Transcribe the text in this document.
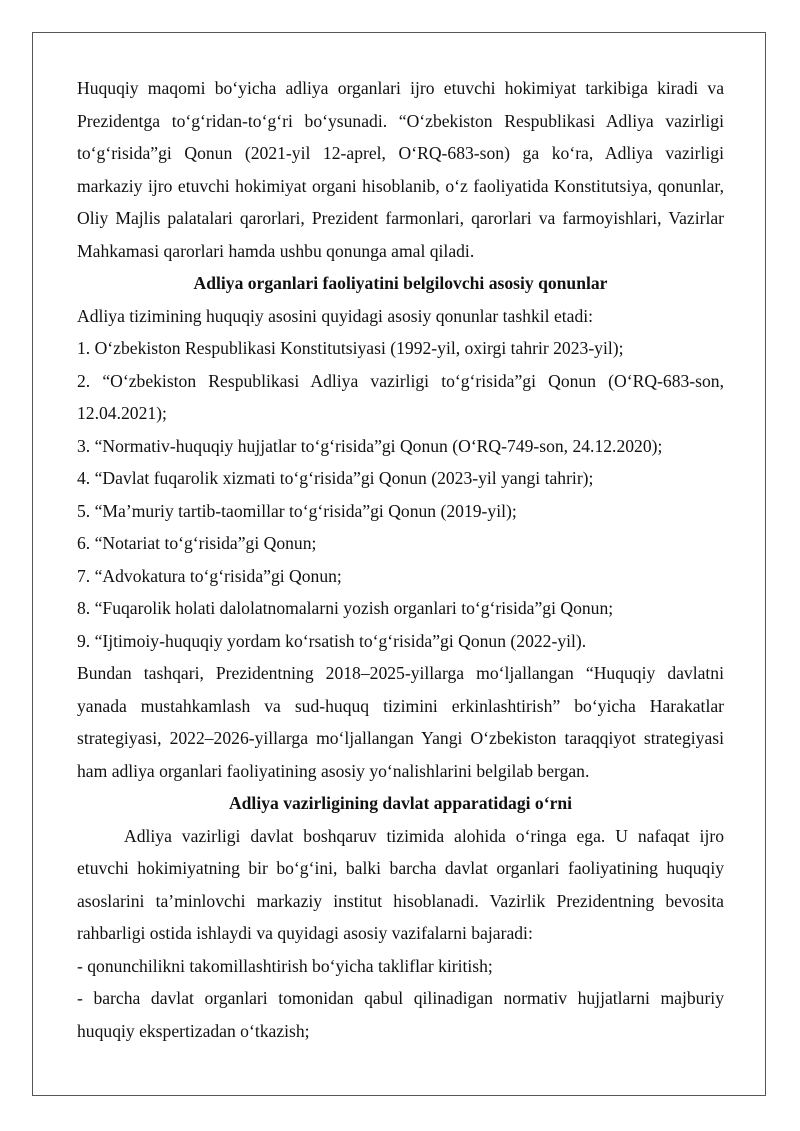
Huquqiy maqomi bo‘yicha adliya organlari ijro etuvchi hokimiyat tarkibiga kiradi va Prezidentga to‘g‘ridan-to‘g‘ri bo‘ysunadi. “O‘zbekiston Respublikasi Adliya vazirligi to‘g‘risida”gi Qonun (2021-yil 12-aprel, O‘RQ-683-son) ga ko‘ra, Adliya vazirligi markaziy ijro etuvchi hokimiyat organi hisoblanib, o‘z faoliyatida Konstitutsiya, qonunlar, Oliy Majlis palatalari qarorlari, Prezident farmonlari, qarorlari va farmoyishlari, Vazirlar Mahkamasi qarorlari hamda ushbu qonunga amal qiladi.

Adliya organlari faoliyatini belgilovchi asosiy qonunlar

Adliya tizimining huquqiy asosini quyidagi asosiy qonunlar tashkil etadi:

1. O‘zbekiston Respublikasi Konstitutsiyasi (1992-yil, oxirgi tahrir 2023-yil);

2. “O‘zbekiston Respublikasi Adliya vazirligi to‘g‘risida”gi Qonun (O‘RQ-683-son, 12.04.2021);

3. “Normativ-huquqiy hujjatlar to‘g‘risida”gi Qonun (O‘RQ-749-son, 24.12.2020);

4. “Davlat fuqarolik xizmati to‘g‘risida”gi Qonun (2023-yil yangi tahrir);

5. “Ma’muriy tartib-taomillar to‘g‘risida”gi Qonun (2019-yil);

6. “Notariat to‘g‘risida”gi Qonun;

7. “Advokatura to‘g‘risida”gi Qonun;

8. “Fuqarolik holati dalolatnomalarni yozish organlari to‘g‘risida”gi Qonun;

9. “Ijtimoiy-huquqiy yordam ko‘rsatish to‘g‘risida”gi Qonun (2022-yil).

Bundan tashqari, Prezidentning 2018–2025-yillarga mo‘ljallangan “Huquqiy davlatni yanada mustahkamlash va sud-huquq tizimini erkinlashtirish” bo‘yicha Harakatlar strategiyasi, 2022–2026-yillarga mo‘ljallangan Yangi O‘zbekiston taraqqiyot strategiyasi ham adliya organlari faoliyatining asosiy yo‘nalishlarini belgilab bergan.

Adliya vazirligining davlat apparatidagi o‘rni

Adliya vazirligi davlat boshqaruv tizimida alohida o‘ringa ega. U nafaqat ijro etuvchi hokimiyatning bir bo‘g‘ini, balki barcha davlat organlari faoliyatining huquqiy asoslarini ta’minlovchi markaziy institut hisoblanadi. Vazirlik Prezidentning bevosita rahbarligi ostida ishlaydi va quyidagi asosiy vazifalarni bajaradi:

- qonunchilikni takomillashtirish bo‘yicha takliflar kiritish;

- barcha davlat organlari tomonidan qabul qilinadigan normativ hujjatlarni majburiy huquqiy ekspertizadan o‘tkazish;
